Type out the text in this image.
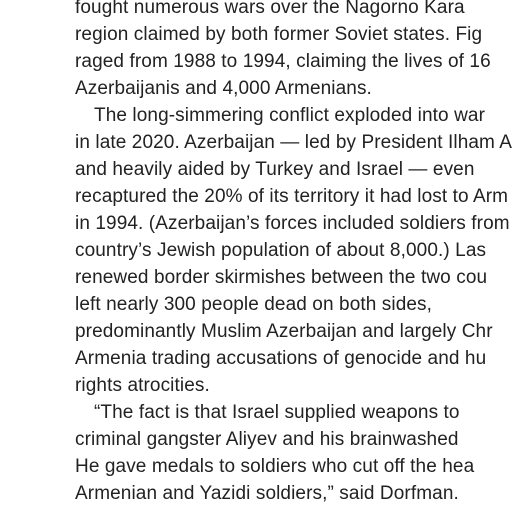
fought numerous wars over the Nagorno Kara
region claimed by both former Soviet states. Fig
raged from 1988 to 1994, claiming the lives of 16
Azerbaijanis and 4,000 Armenians.
The long-simmering conflict exploded into war
in late 2020. Azerbaijan — led by President Ilham A
and heavily aided by Turkey and Israel — even
recaptured the 20% of its territory it had lost to Arm
in 1994. (Azerbaijan’s forces included soldiers from
country’s Jewish population of about 8,000.) Las
renewed border skirmishes between the two cou
left nearly 300 people dead on both sides,
predominantly Muslim Azerbaijan and largely Chr
Armenia trading accusations of genocide and hu
rights atrocities.
“The fact is that Israel supplied weapons to
criminal gangster Aliyev and his brainwashed
He gave medals to soldiers who cut off the hea
Armenian and Yazidi soldiers,” said Dorfman.
